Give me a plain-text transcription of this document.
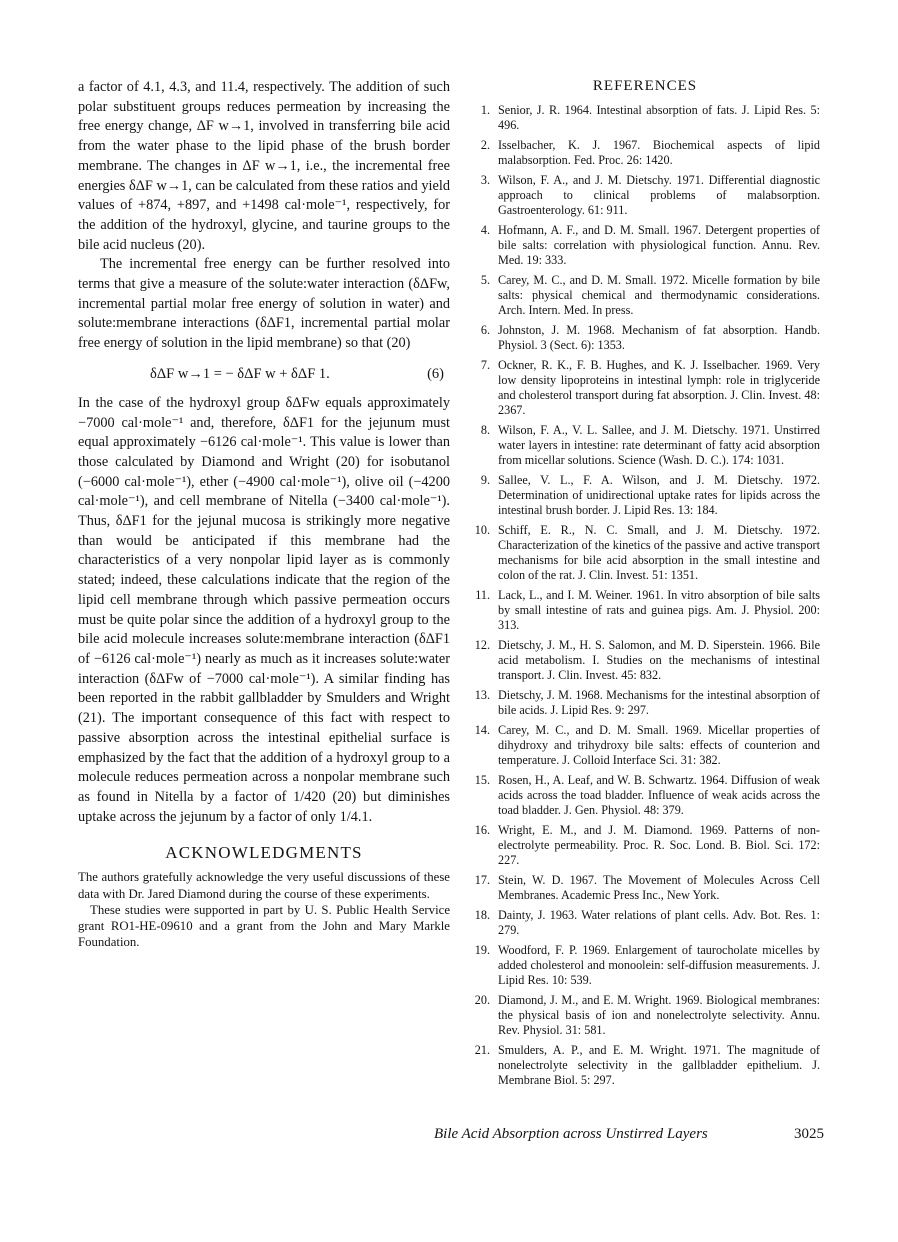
a factor of 4.1, 4.3, and 11.4, respectively. The addition of such polar substituent groups reduces permeation by increasing the free energy change, ΔF w→1, involved in transferring bile acid from the water phase to the lipid phase of the brush border membrane. The changes in ΔF w→1, i.e., the incremental free energies δΔF w→1, can be calculated from these ratios and yield values of +874, +897, and +1498 cal·mole⁻¹, respectively, for the addition of the hydroxyl, glycine, and taurine groups to the bile acid nucleus (20).

The incremental free energy can be further resolved into terms that give a measure of the solute:water interaction (δΔFw, incremental partial molar free energy of solution in water) and solute:membrane interactions (δΔF1, incremental partial molar free energy of solution in the lipid membrane) so that (20)

δΔF w→1 = − δΔF w + δΔF 1.	(6)

In the case of the hydroxyl group δΔFw equals approximately −7000 cal·mole⁻¹ and, therefore, δΔF1 for the jejunum must equal approximately −6126 cal·mole⁻¹. This value is lower than those calculated by Diamond and Wright (20) for isobutanol (−6000 cal·mole⁻¹), ether (−4900 cal·mole⁻¹), olive oil (−4200 cal·mole⁻¹), and cell membrane of Nitella (−3400 cal·mole⁻¹). Thus, δΔF1 for the jejunal mucosa is strikingly more negative than would be anticipated if this membrane had the characteristics of a very nonpolar lipid layer as is commonly stated; indeed, these calculations indicate that the region of the lipid cell membrane through which passive permeation occurs must be quite polar since the addition of a hydroxyl group to the bile acid molecule increases solute:membrane interaction (δΔF1 of −6126 cal·mole⁻¹) nearly as much as it increases solute:water interaction (δΔFw of −7000 cal·mole⁻¹). A similar finding has been reported in the rabbit gallbladder by Smulders and Wright (21). The important consequence of this fact with respect to passive absorption across the intestinal epithelial surface is emphasized by the fact that the addition of a hydroxyl group to a molecule reduces permeation across a nonpolar membrane such as found in Nitella by a factor of 1/420 (20) but diminishes uptake across the jejunum by a factor of only 1/4.1.

ACKNOWLEDGMENTS

The authors gratefully acknowledge the very useful discussions of these data with Dr. Jared Diamond during the course of these experiments.

These studies were supported in part by U. S. Public Health Service grant RO1-HE-09610 and a grant from the John and Mary Markle Foundation.

REFERENCES
1. Senior, J. R. 1964. Intestinal absorption of fats. J. Lipid Res. 5: 496.
2. Isselbacher, K. J. 1967. Biochemical aspects of lipid malabsorption. Fed. Proc. 26: 1420.
3. Wilson, F. A., and J. M. Dietschy. 1971. Differential diagnostic approach to clinical problems of malabsorption. Gastroenterology. 61: 911.
4. Hofmann, A. F., and D. M. Small. 1967. Detergent properties of bile salts: correlation with physiological function. Annu. Rev. Med. 19: 333.
5. Carey, M. C., and D. M. Small. 1972. Micelle formation by bile salts: physical chemical and thermodynamic considerations. Arch. Intern. Med. In press.
6. Johnston, J. M. 1968. Mechanism of fat absorption. Handb. Physiol. 3 (Sect. 6): 1353.
7. Ockner, R. K., F. B. Hughes, and K. J. Isselbacher. 1969. Very low density lipoproteins in intestinal lymph: role in triglyceride and cholesterol transport during fat absorption. J. Clin. Invest. 48: 2367.
8. Wilson, F. A., V. L. Sallee, and J. M. Dietschy. 1971. Unstirred water layers in intestine: rate determinant of fatty acid absorption from micellar solutions. Science (Wash. D. C.). 174: 1031.
9. Sallee, V. L., F. A. Wilson, and J. M. Dietschy. 1972. Determination of unidirectional uptake rates for lipids across the intestinal brush border. J. Lipid Res. 13: 184.
10. Schiff, E. R., N. C. Small, and J. M. Dietschy. 1972. Characterization of the kinetics of the passive and active transport mechanisms for bile acid absorption in the small intestine and colon of the rat. J. Clin. Invest. 51: 1351.
11. Lack, L., and I. M. Weiner. 1961. In vitro absorption of bile salts by small intestine of rats and guinea pigs. Am. J. Physiol. 200: 313.
12. Dietschy, J. M., H. S. Salomon, and M. D. Siperstein. 1966. Bile acid metabolism. I. Studies on the mechanisms of intestinal transport. J. Clin. Invest. 45: 832.
13. Dietschy, J. M. 1968. Mechanisms for the intestinal absorption of bile acids. J. Lipid Res. 9: 297.
14. Carey, M. C., and D. M. Small. 1969. Micellar properties of dihydroxy and trihydroxy bile salts: effects of counterion and temperature. J. Colloid Interface Sci. 31: 382.
15. Rosen, H., A. Leaf, and W. B. Schwartz. 1964. Diffusion of weak acids across the toad bladder. Influence of weak acids across the toad bladder. J. Gen. Physiol. 48: 379.
16. Wright, E. M., and J. M. Diamond. 1969. Patterns of non-electrolyte permeability. Proc. R. Soc. Lond. B. Biol. Sci. 172: 227.
17. Stein, W. D. 1967. The Movement of Molecules Across Cell Membranes. Academic Press Inc., New York.
18. Dainty, J. 1963. Water relations of plant cells. Adv. Bot. Res. 1: 279.
19. Woodford, F. P. 1969. Enlargement of taurocholate micelles by added cholesterol and monoolein: self-diffusion measurements. J. Lipid Res. 10: 539.
20. Diamond, J. M., and E. M. Wright. 1969. Biological membranes: the physical basis of ion and nonelectrolyte selectivity. Annu. Rev. Physiol. 31: 581.
21. Smulders, A. P., and E. M. Wright. 1971. The magnitude of nonelectrolyte selectivity in the gallbladder epithelium. J. Membrane Biol. 5: 297.
Bile Acid Absorption across Unstirred Layers	3025
